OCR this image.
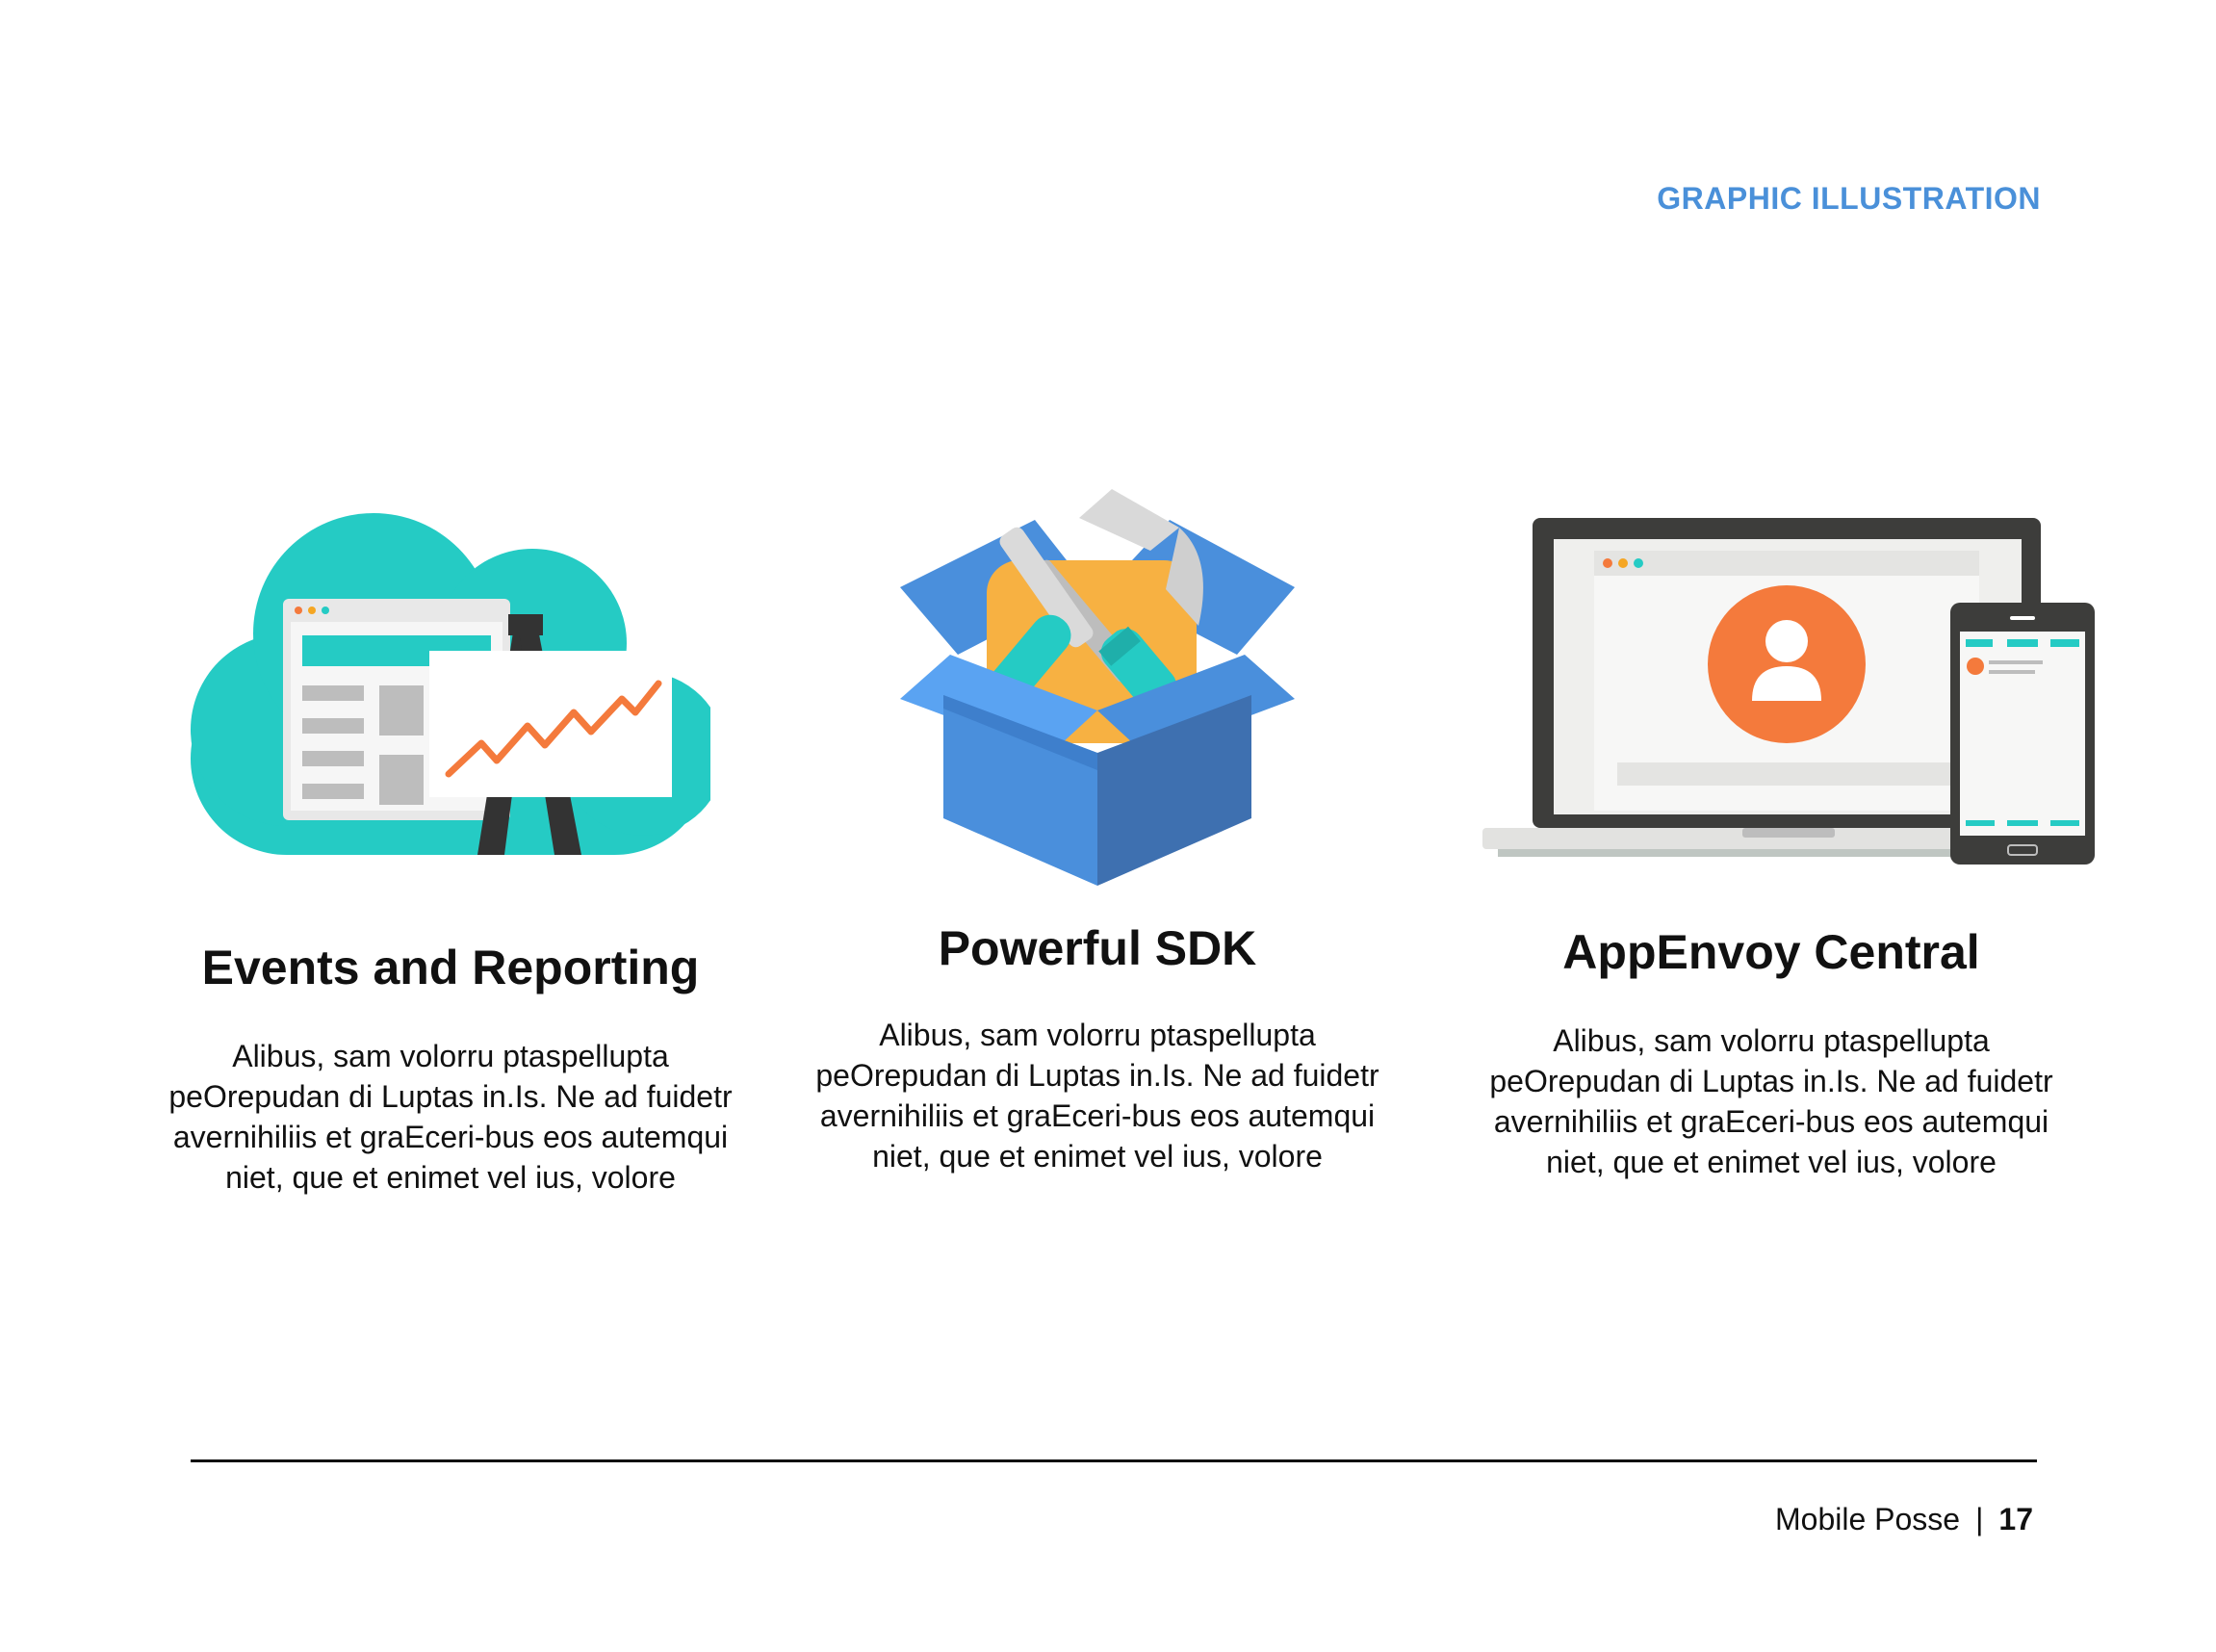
GRAPHIC ILLUSTRATION
Events and Reporting

Alibus, sam volorru ptaspellupta peOrepudan di Luptas in.Is. Ne ad fuidetr avernihiliis et graEceri-bus eos autemqui niet, que et enimet vel ius, volore

Powerful SDK

Alibus, sam volorru ptaspellupta peOrepudan di Luptas in.Is. Ne ad fuidetr avernihiliis et graEceri-bus eos autemqui niet, que et enimet vel ius, volore

AppEnvoy Central

Alibus, sam volorru ptaspellupta peOrepudan di Luptas in.Is. Ne ad fuidetr avernihiliis et graEceri-bus eos autemqui niet, que et enimet vel ius, volore

Mobile Posse | 17
